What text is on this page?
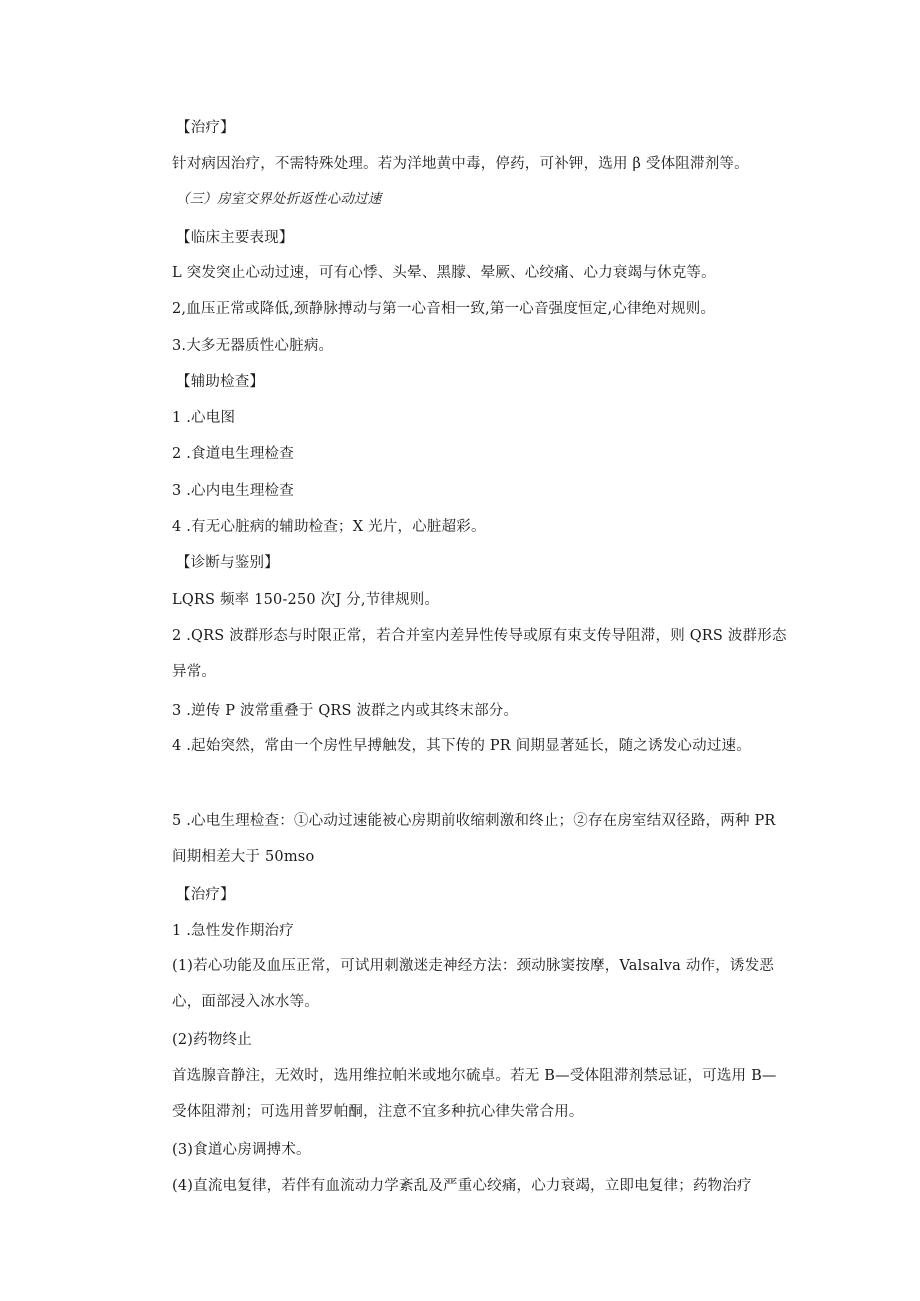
【治疗】
针对病因治疗，不需特殊处理。若为洋地黄中毒，停药，可补钾，选用 β 受体阻滞剂等。
（三）房室交界处折返性心动过速
【临床主要表现】
L 突发突止心动过速，可有心悸、头晕、黑朦、晕厥、心绞痛、心力衰竭与休克等。
2,血压正常或降低,颈静脉搏动与第一心音相一致,第一心音强度恒定,心律绝对规则。
3.大多无器质性心脏病。
【辅助检查】
1 .心电图
2 .食道电生理检查
3 .心内电生理检查
4 .有无心脏病的辅助检查；X 光片，心脏超彩。
【诊断与鉴别】
LQRS 频率 150-250 次J 分,节律规则。
2 .QRS 波群形态与时限正常，若合并室内差异性传导或原有束支传导阻滞，则 QRS 波群形态异常。
3 .逆传 P 波常重叠于 QRS 波群之内或其终末部分。
4 .起始突然，常由一个房性早搏触发，其下传的 PR 间期显著延长，随之诱发心动过速。
5 .心电生理检查：①心动过速能被心房期前收缩刺激和终止；②存在房室结双径路，两种 PR 间期相差大于 50mso
【治疗】
1 .急性发作期治疗
(1)若心功能及血压正常，可试用刺激迷走神经方法：颈动脉窦按摩，Valsalva 动作，诱发恶心，面部浸入冰水等。
(2)药物终止
首选腺音静注，无效时，选用维拉帕米或地尔硫卓。若无 B—受体阻滞剂禁忌证，可选用 B—受体阻滞剂；可选用普罗帕酮，注意不宜多种抗心律失常合用。
(3)食道心房调搏术。
(4)直流电复律，若伴有血流动力学紊乱及严重心绞痛，心力衰竭，立即电复律；药物治疗
